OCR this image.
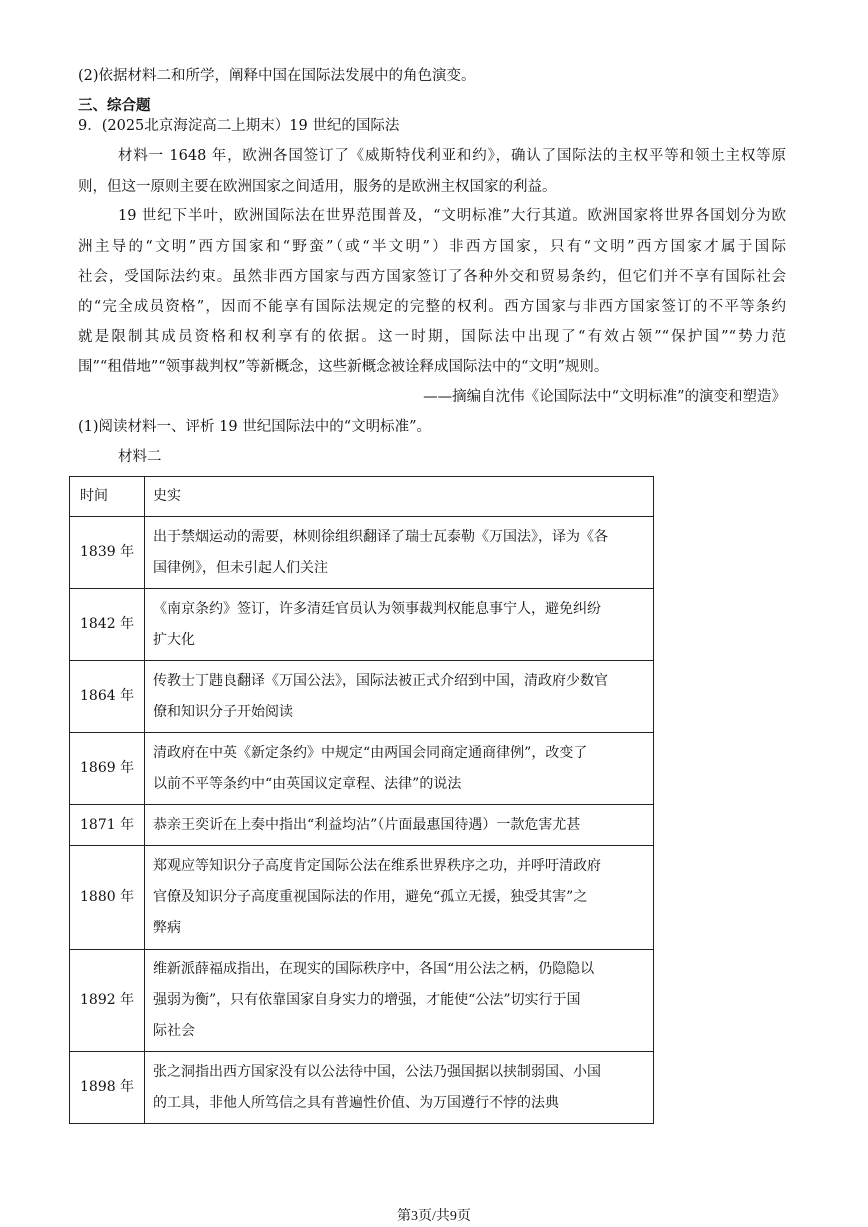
(2)依据材料二和所学，阐释中国在国际法发展中的角色演变。
三、综合题
9．(2025北京海淀高二上期末）19 世纪的国际法
材料一 1648 年，欧洲各国签订了《威斯特伐利亚和约》，确认了国际法的主权平等和领土主权等原
则，但这一原则主要在欧洲国家之间适用，服务的是欧洲主权国家的利益。
19 世纪下半叶，欧洲国际法在世界范围普及，“文明标准”大行其道。欧洲国家将世界各国划分为欧
洲主导的“文明”西方国家和“野蛮”（或“半文明”）非西方国家，只有“文明”西方国家才属于国际
社会，受国际法约束。虽然非西方国家与西方国家签订了各种外交和贸易条约，但它们并不享有国际社会
的“完全成员资格”，因而不能享有国际法规定的完整的权利。西方国家与非西方国家签订的不平等条约
就是限制其成员资格和权利享有的依据。这一时期，国际法中出现了“有效占领”“保护国”“势力范
围”“租借地”“领事裁判权”等新概念，这些新概念被诠释成国际法中的“文明”规则。
——摘编自沈伟《论国际法中“文明标准”的演变和塑造》
(1)阅读材料一、评析 19 世纪国际法中的“文明标准”。
材料二
时间	史实
1839 年	出于禁烟运动的需要，林则徐组织翻译了瑞士瓦泰勒《万国法》，译为《各
国律例》，但未引起人们关注

1842 年	《南京条约》签订，许多清廷官员认为领事裁判权能息事宁人，避免纠纷
扩大化

1864 年	传教士丁韪良翻译《万国公法》，国际法被正式介绍到中国，清政府少数官
僚和知识分子开始阅读

1869 年	清政府在中英《新定条约》中规定“由两国会同商定通商律例”，改变了
以前不平等条约中“由英国议定章程、法律”的说法

1871 年	恭亲王奕䜣在上奏中指出“利益均沾”（片面最惠国待遇）一款危害尤甚

1880 年	郑观应等知识分子高度肯定国际公法在维系世界秩序之功，并呼吁清政府
官僚及知识分子高度重视国际法的作用，避免“孤立无援，独受其害”之
弊病

1892 年	维新派薛福成指出，在现实的国际秩序中，各国“用公法之柄，仍隐隐以
强弱为衡”，只有依靠国家自身实力的增强，才能使“公法”切实行于国
际社会

1898 年	张之洞指出西方国家没有以公法待中国，公法乃强国据以挟制弱国、小国
的工具，非他人所笃信之具有普遍性价值、为万国遵行不悖的法典
第3页/共9页
